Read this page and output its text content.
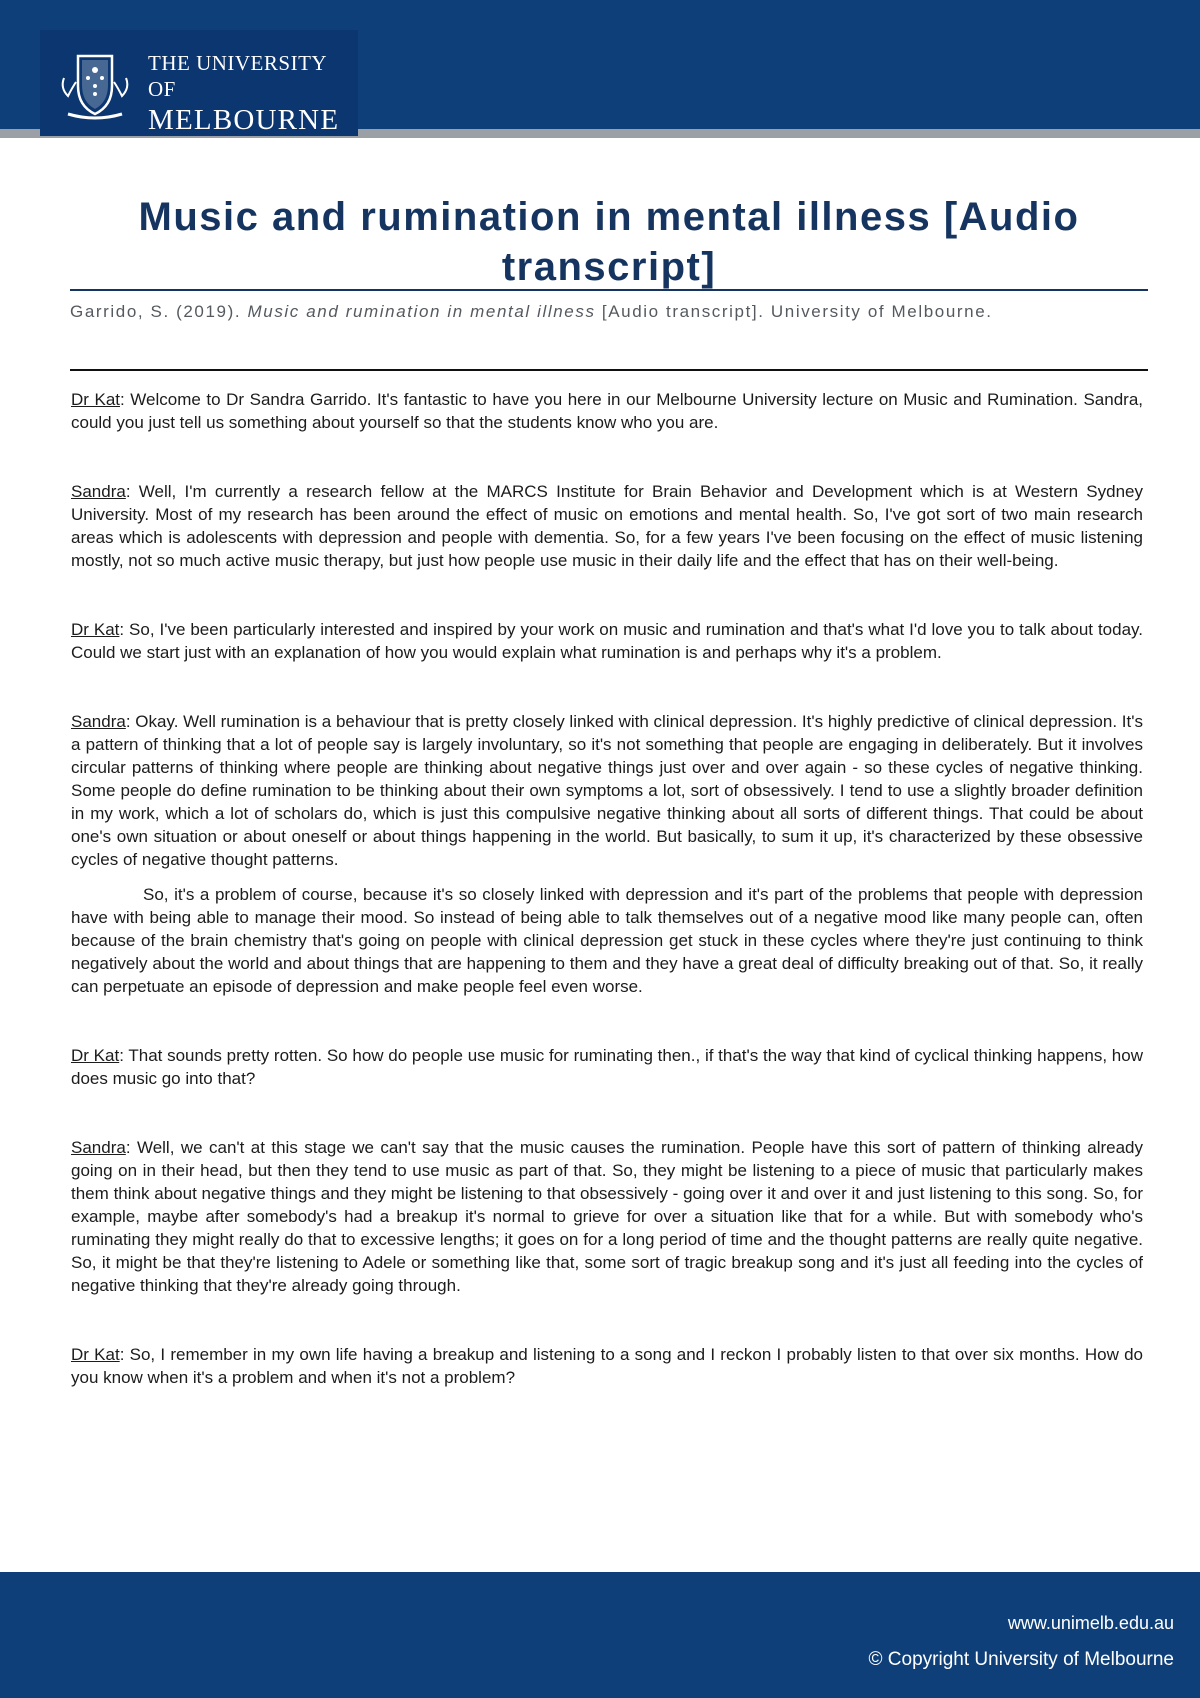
THE UNIVERSITY OF
MELBOURNE
Music and rumination in mental illness [Audio transcript]

Garrido, S. (2019). Music and rumination in mental illness [Audio transcript]. University of Melbourne.

Dr Kat: Welcome to Dr Sandra Garrido. It's fantastic to have you here in our Melbourne University lecture on Music and Rumination. Sandra, could you just tell us something about yourself so that the students know who you are.

Sandra: Well, I'm currently a research fellow at the MARCS Institute for Brain Behavior and Development which is at Western Sydney University. Most of my research has been around the effect of music on emotions and mental health. So, I've got sort of two main research areas which is adolescents with depression and people with dementia. So, for a few years I've been focusing on the effect of music listening mostly, not so much active music therapy, but just how people use music in their daily life and the effect that has on their well-being.

Dr Kat: So, I've been particularly interested and inspired by your work on music and rumination and that's what I'd love you to talk about today. Could we start just with an explanation of how you would explain what rumination is and perhaps why it's a problem.

Sandra: Okay. Well rumination is a behaviour that is pretty closely linked with clinical depression. It's highly predictive of clinical depression. It's a pattern of thinking that a lot of people say is largely involuntary, so it's not something that people are engaging in deliberately. But it involves circular patterns of thinking where people are thinking about negative things just over and over again - so these cycles of negative thinking. Some people do define rumination to be thinking about their own symptoms a lot, sort of obsessively. I tend to use a slightly broader definition in my work, which a lot of scholars do, which is just this compulsive negative thinking about all sorts of different things. That could be about one's own situation or about oneself or about things happening in the world. But basically, to sum it up, it's characterized by these obsessive cycles of negative thought patterns.

So, it's a problem of course, because it's so closely linked with depression and it's part of the problems that people with depression have with being able to manage their mood. So instead of being able to talk themselves out of a negative mood like many people can, often because of the brain chemistry that's going on people with clinical depression get stuck in these cycles where they're just continuing to think negatively about the world and about things that are happening to them and they have a great deal of difficulty breaking out of that. So, it really can perpetuate an episode of depression and make people feel even worse.

Dr Kat: That sounds pretty rotten. So how do people use music for ruminating then., if that's the way that kind of cyclical thinking happens, how does music go into that?

Sandra: Well, we can't at this stage we can't say that the music causes the rumination. People have this sort of pattern of thinking already going on in their head, but then they tend to use music as part of that. So, they might be listening to a piece of music that particularly makes them think about negative things and they might be listening to that obsessively - going over it and over it and just listening to this song. So, for example, maybe after somebody's had a breakup it's normal to grieve for over a situation like that for a while. But with somebody who's ruminating they might really do that to excessive lengths; it goes on for a long period of time and the thought patterns are really quite negative. So, it might be that they're listening to Adele or something like that, some sort of tragic breakup song and it's just all feeding into the cycles of negative thinking that they're already going through.

Dr Kat: So, I remember in my own life having a breakup and listening to a song and I reckon I probably listen to that over six months. How do you know when it's a problem and when it's not a problem?

www.unimelb.edu.au
© Copyright University of Melbourne
